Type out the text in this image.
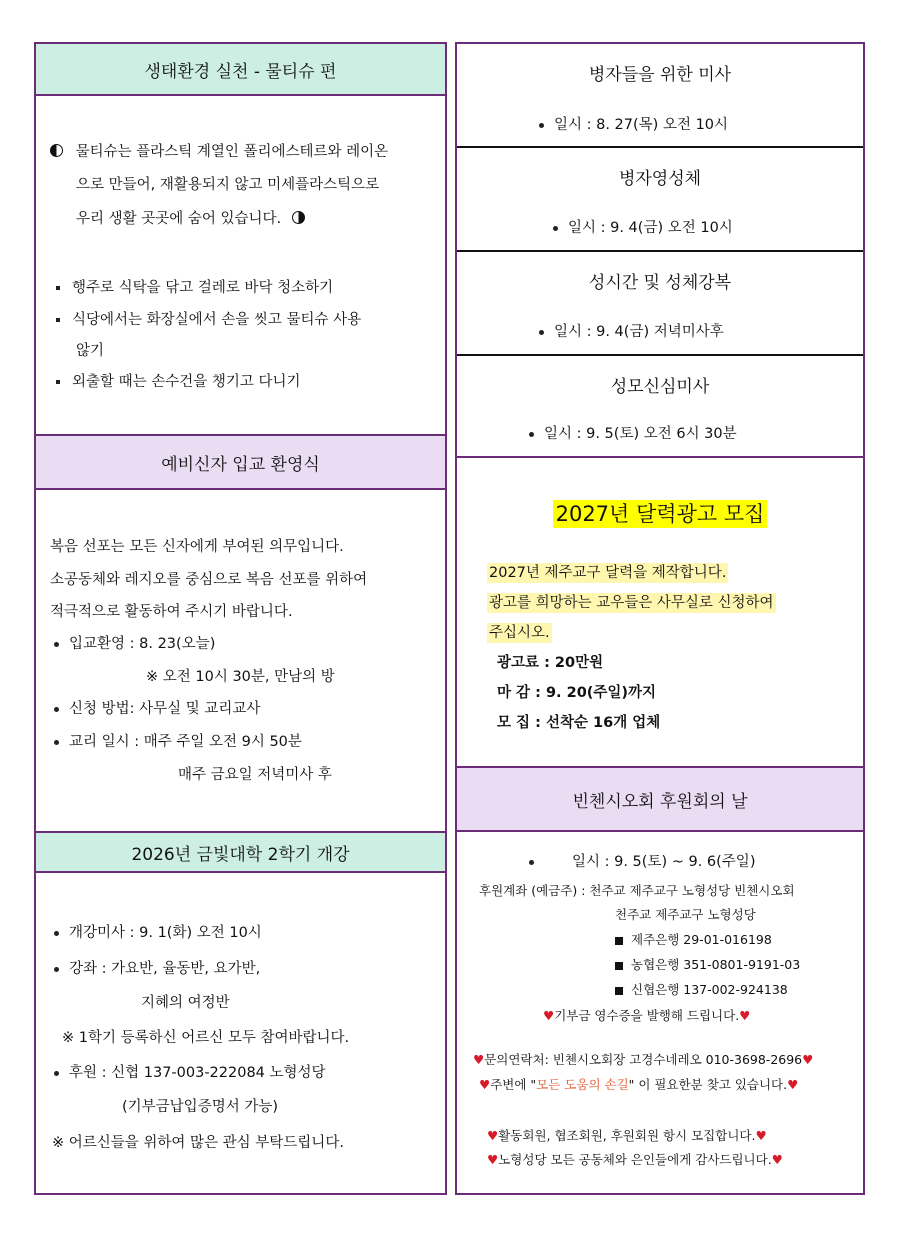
생태환경 실천 - 물티슈 편
물티슈는 플라스틱 계열인 폴리에스테르와 레이온
으로 만들어, 재활용되지 않고 미세플라스틱으로
우리 생활 곳곳에 숨어 있습니다.
행주로 식탁을 닦고 걸레로 바닥 청소하기
식당에서는 화장실에서 손을 씻고 물티슈 사용
않기
외출할 때는 손수건을 챙기고 다니기
예비신자 입교 환영식
복음 선포는 모든 신자에게 부여된 의무입니다.
소공동체와 레지오를 중심으로 복음 선포를 위하여
적극적으로 활동하여 주시기 바랍니다.
입교환영 : 8. 23(오늘)
※ 오전 10시 30분, 만남의 방
신청 방법: 사무실 및 교리교사
교리 일시 : 매주 주일 오전 9시 50분
매주 금요일 저녁미사 후
2026년 금빛대학 2학기 개강
개강미사 : 9. 1(화) 오전 10시
강좌 : 가요반, 율동반, 요가반,
지혜의 여정반
※ 1학기 등록하신 어르신 모두 참여바랍니다.
후원 : 신협 137-003-222084 노형성당
(기부금납입증명서 가능)
※ 어르신들을 위하여 많은 관심 부탁드립니다.
병자들을 위한 미사
일시 : 8. 27(목) 오전 10시
병자영성체
일시 : 9. 4(금) 오전 10시
성시간 및 성체강복
일시 : 9. 4(금) 저녁미사후
성모신심미사
일시 : 9. 5(토) 오전 6시 30분
2027년 달력광고 모집
2027년 제주교구 달력을 제작합니다.
광고를 희망하는 교우들은 사무실로 신청하여
주십시오.
광고료 : 20만원
마 감 : 9. 20(주일)까지
모 집 : 선착순 16개 업체
빈첸시오회 후원회의 날
일시 : 9. 5(토) ~ 9. 6(주일)
후원계좌 (예금주) : 천주교 제주교구 노형성당 빈첸시오회
천주교 제주교구 노형성당
제주은행 29-01-016198
농협은행 351-0801-9191-03
신협은행 137-002-924138
♥기부금 영수증을 발행해 드립니다.♥
♥문의연락처: 빈첸시오회장 고경수네레오 010-3698-2696♥
♥주변에 "모든 도움의 손길" 이 필요한분 찾고 있습니다.♥
♥활동회원, 협조회원, 후원회원 항시 모집합니다.♥
♥노형성당 모든 공동체와 은인들에게 감사드립니다.♥
